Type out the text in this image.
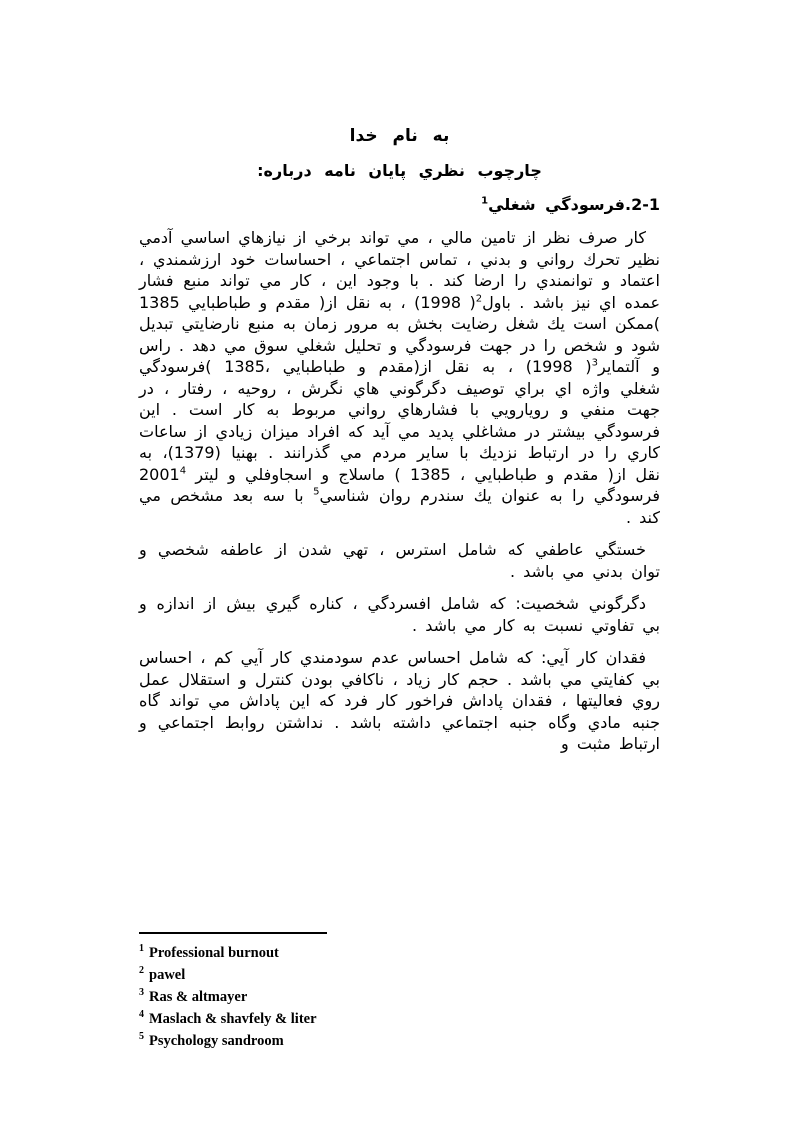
به نام خدا
چارچوب نظري پايان نامه درباره:
2-1.فرسودگي شغلي$^1$

كار صرف نظر از تامين مالي ، مي تواند برخي از نيازهاي اساسي آدمي نظير تحرك رواني و بدني ، تماس اجتماعي ، احساسات خود ارزشمندي ، اعتماد و توانمندي را ارضا كند . با وجود اين ، كار مي تواند منبع فشار عمده اي نيز باشد . باول$^2$( 1998) ، به نقل از( مقدم و طباطبايي 1385 )ممكن است يك شغل رضايت بخش به مرور زمان به منبع نارضايتي تبديل شود و شخص را در جهت فرسودگي و تحليل شغلي سوق مي دهد . راس و آلتماير$^3$( 1998) ، به نقل از(مقدم و طباطبايي ،1385 )فرسودگي شغلي واژه اي براي توصيف دگرگوني هاي نگرش ، روحيه ، رفتار ، در جهت منفي و رويارويي با فشارهاي رواني مربوط به كار است . اين فرسودگي بيشتر در مشاغلي پديد مي آيد كه افراد ميزان زيادي از ساعات كاري را در ارتباط نزديك با ساير مردم مي گذرانند . بهنيا (1379)، به نقل از( مقدم و طباطبايي ، 1385 ) ماسلاج و اسجاوفلي و ليتر 2001$^4$ فرسودگي را به عنوان يك سندرم روان شناسي$^5$ با سه بعد مشخص مي كند .

خستگي عاطفي كه شامل استرس ، تهي شدن از عاطفه شخصي و توان بدني مي باشد .

دگرگوني شخصيت: كه شامل افسردگي ، كناره گيري بيش از اندازه و بي تفاوتي نسبت به كار مي باشد .

فقدان كار آيي: كه شامل احساس عدم سودمندي كار آيي كم ، احساس بي كفايتي مي باشد . حجم كار زياد ، ناكافي بودن كنترل و استقلال عمل روي فعاليتها ، فقدان پاداش فراخور كار فرد كه اين پاداش مي تواند گاه جنبه مادي وگاه جنبه اجتماعي داشته باشد . نداشتن روابط اجتماعي و ارتباط مثبت و

$^1$ Professional burnout
$^2$ pawel
$^3$ Ras & altmayer
$^4$ Maslach & shavfely & liter
$^5$ Psychology sandroom
